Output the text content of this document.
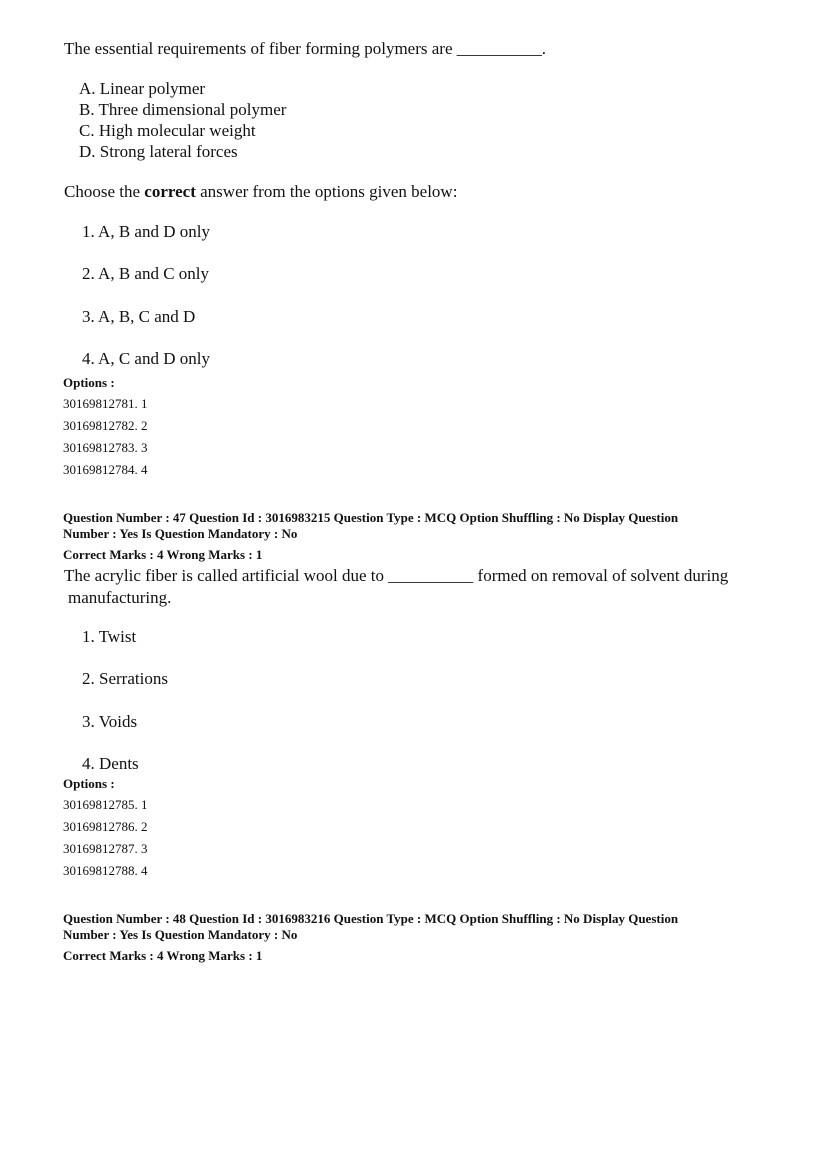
The essential requirements of fiber forming polymers are __________.
A. Linear polymer
B. Three dimensional polymer
C. High molecular weight
D. Strong lateral forces
Choose the correct answer from the options given below:
1. A, B and D only
2. A, B and C only
3. A, B, C and D
4. A, C and D only
Options :
30169812781. 1
30169812782. 2
30169812783. 3
30169812784. 4
Question Number : 47 Question Id : 3016983215 Question Type : MCQ Option Shuffling : No Display Question
Number : Yes Is Question Mandatory : No
Correct Marks : 4 Wrong Marks : 1
The acrylic fiber is called artificial wool due to __________ formed on removal of solvent during
manufacturing.
1. Twist
2. Serrations
3. Voids
4. Dents
Options :
30169812785. 1
30169812786. 2
30169812787. 3
30169812788. 4
Question Number : 48 Question Id : 3016983216 Question Type : MCQ Option Shuffling : No Display Question
Number : Yes Is Question Mandatory : No
Correct Marks : 4 Wrong Marks : 1
